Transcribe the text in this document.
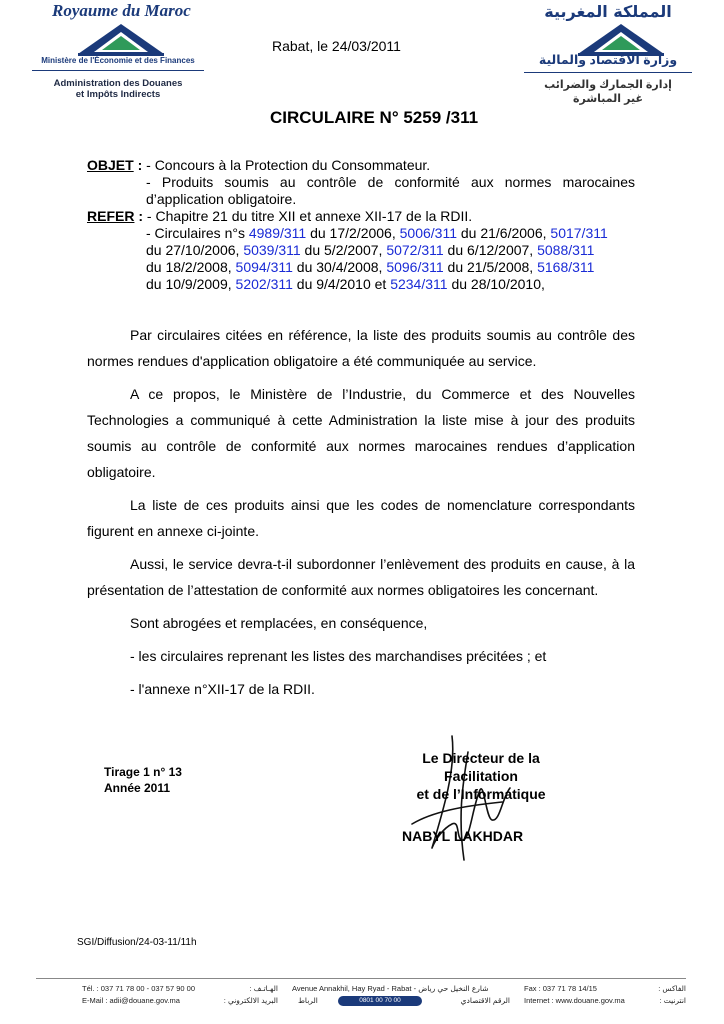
Royaume du Maroc
Ministère de l'Économie et des Finances
Administration des Douanes
et Impôts Indirects
المملكة المغربية
وزارة الاقتصاد والمالية
إدارة الجمارك والضرائب
غير المباشرة
Rabat, le 24/03/2011
CIRCULAIRE N° 5259 /311
OBJET : - Concours à la Protection du Consommateur.
- Produits soumis au contrôle de conformité aux normes marocaines
d’application obligatoire.
REFER : - Chapitre 21 du titre XII et annexe XII-17 de la RDII.
- Circulaires n°s 4989/311 du 17/2/2006, 5006/311 du 21/6/2006, 5017/311
du 27/10/2006, 5039/311 du 5/2/2007, 5072/311 du 6/12/2007, 5088/311
du 18/2/2008, 5094/311 du 30/4/2008, 5096/311 du 21/5/2008, 5168/311
du 10/9/2009, 5202/311 du 9/4/2010 et 5234/311 du 28/10/2010,

Par circulaires citées en référence, la liste des produits soumis au contrôle des normes rendues d'application obligatoire a été communiquée au service.

A ce propos, le Ministère de l’Industrie, du Commerce et des Nouvelles Technologies a communiqué à cette Administration la liste mise à jour des produits soumis au contrôle de conformité aux normes marocaines rendues d’application obligatoire.

La liste de ces produits ainsi que les codes de nomenclature correspondants figurent en annexe ci-jointe.

Aussi, le service devra-t-il subordonner l’enlèvement des produits en cause, à la présentation de l’attestation de conformité aux normes obligatoires les concernant.

Sont abrogées et remplacées, en conséquence,

- les circulaires reprenant les listes des marchandises précitées ; et

- l'annexe n°XII-17 de la RDII.

Tirage 1 n° 13
Année 2011
Le Directeur de la Facilitation
et de l’Informatique
NABYL LAKHDAR
SGI/Diffusion/24-03-11/11h
Tél. : 037 71 78 00 - 037 57 90 00
E-Mail : adii@douane.gov.ma
الهـاتـف :
البريد الالكتروني :
Avenue Annakhil, Hay Ryad - Rabat شارع النخيل حي رياض - الرباط	0801 00 70 00	الرقم الاقتصادي
Fax : 037 71 78 14/15
Internet : www.douane.gov.ma
الفاكس :
انترنيت :
